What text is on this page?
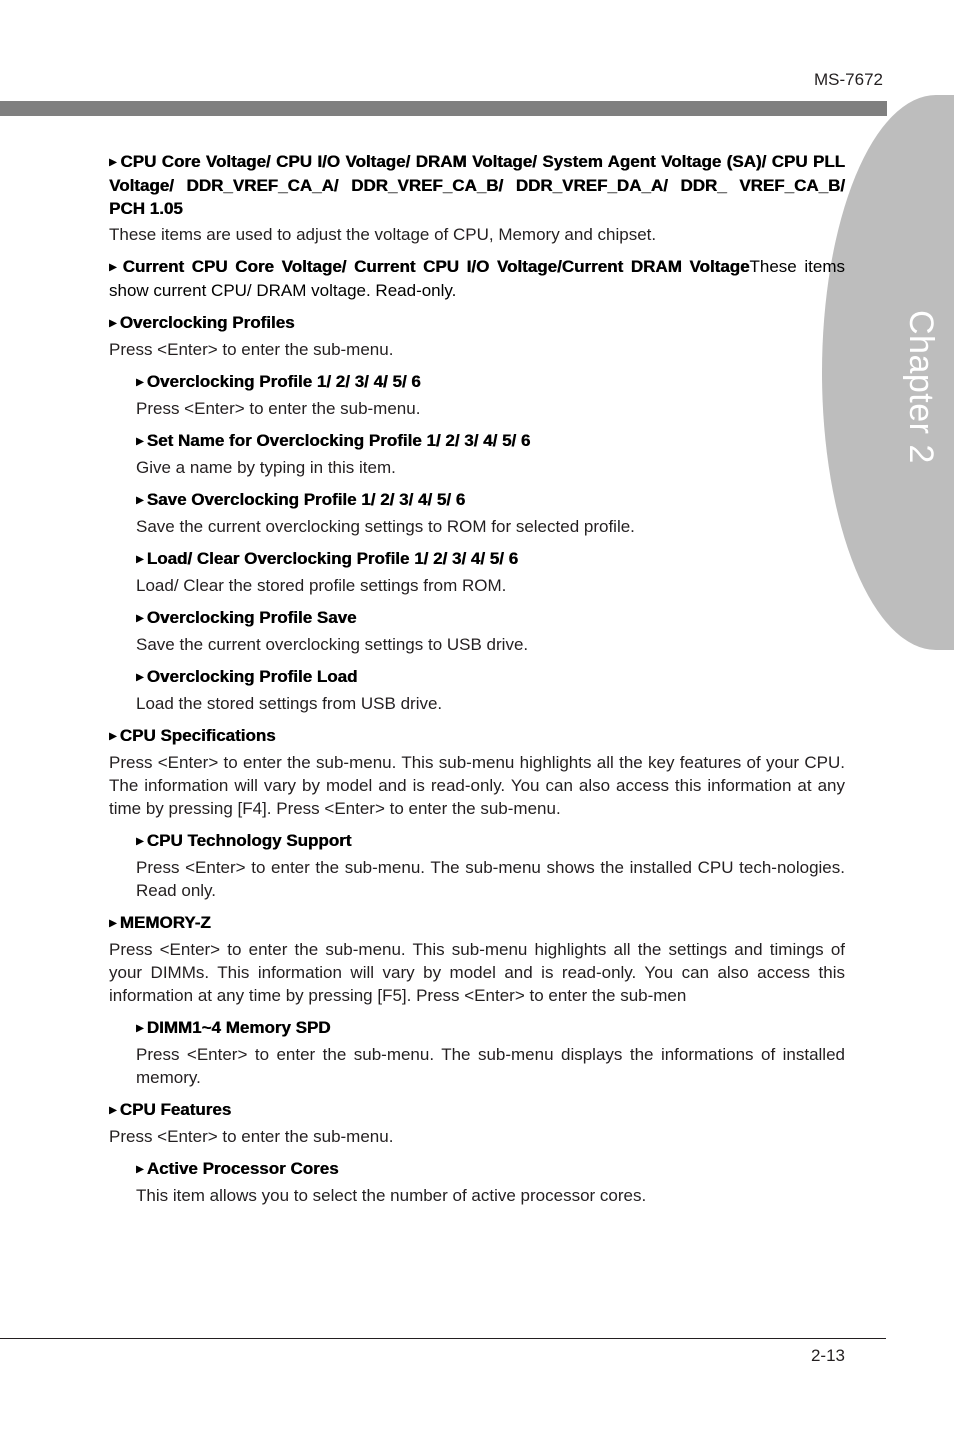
MS-7672
Chapter 2
▶ CPU Core Voltage/ CPU I/O Voltage/ DRAM Voltage/ System Agent Voltage (SA)/ CPU PLL Voltage/ DDR_VREF_CA_A/ DDR_VREF_CA_B/ DDR_VREF_DA_A/ DDR_ VREF_CA_B/ PCH 1.05
These items are used to adjust the voltage of CPU, Memory and chipset.
▶ Current CPU Core Voltage/ Current CPU I/O Voltage/Current DRAM VoltageThese items show current CPU/ DRAM voltage. Read-only.
▶ Overclocking Profiles
Press <Enter> to enter the sub-menu.
▶ Overclocking Profile 1/ 2/ 3/ 4/ 5/ 6
Press <Enter> to enter the sub-menu.
▶ Set Name for Overclocking Profile 1/ 2/ 3/ 4/ 5/ 6
Give a name by typing in this item.
▶ Save Overclocking Profile 1/ 2/ 3/ 4/ 5/ 6
Save the current overclocking settings to ROM for selected profile.
▶ Load/ Clear Overclocking Profile 1/ 2/ 3/ 4/ 5/ 6
Load/ Clear the stored profile settings from ROM.
▶ Overclocking Profile Save
Save the current overclocking settings to USB drive.
▶ Overclocking Profile Load
Load the stored settings from USB drive.
▶ CPU Specifications
Press <Enter> to enter the sub-menu. This sub-menu highlights all the key features of your CPU. The information will vary by model and is read-only. You can also access this information at any time by pressing [F4]. Press <Enter> to enter the sub-menu.
▶ CPU Technology Support
Press <Enter> to enter the sub-menu. The sub-menu shows the installed CPU tech-nologies. Read only.
▶ MEMORY-Z
Press <Enter> to enter the sub-menu. This sub-menu highlights all the settings and timings of your DIMMs. This information will vary by model and is read-only. You can also access this information at any time by pressing [F5]. Press <Enter> to enter the sub-men
▶ DIMM1~4 Memory SPD
Press <Enter> to enter the sub-menu. The sub-menu displays the informations of installed memory.
▶ CPU Features
Press <Enter> to enter the sub-menu.
▶ Active Processor Cores
This item allows you to select the number of active processor cores.
2-13
